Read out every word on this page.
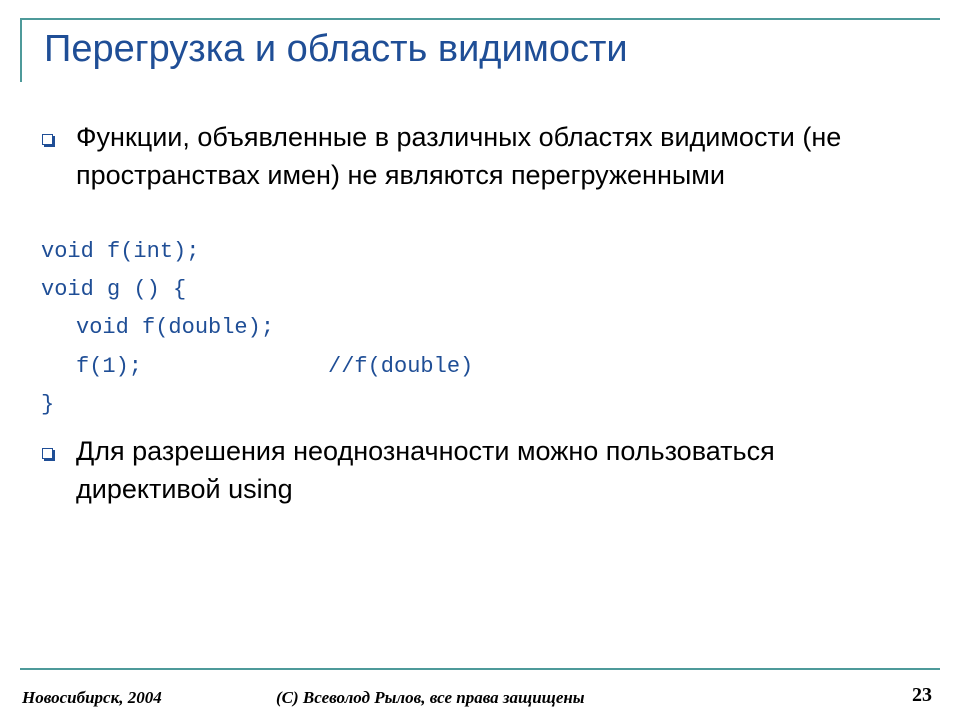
Перегрузка и область видимости
Функции, объявленные в различных областях видимости (не пространствах имен) не являются перегруженными
void f(int);
void g () {
void f(double);
f(1);	//f(double)
}
Для разрешения неоднозначности можно пользоваться директивой using
Новосибирск, 2004	(C) Всеволод Рылов, все права защищены	23
